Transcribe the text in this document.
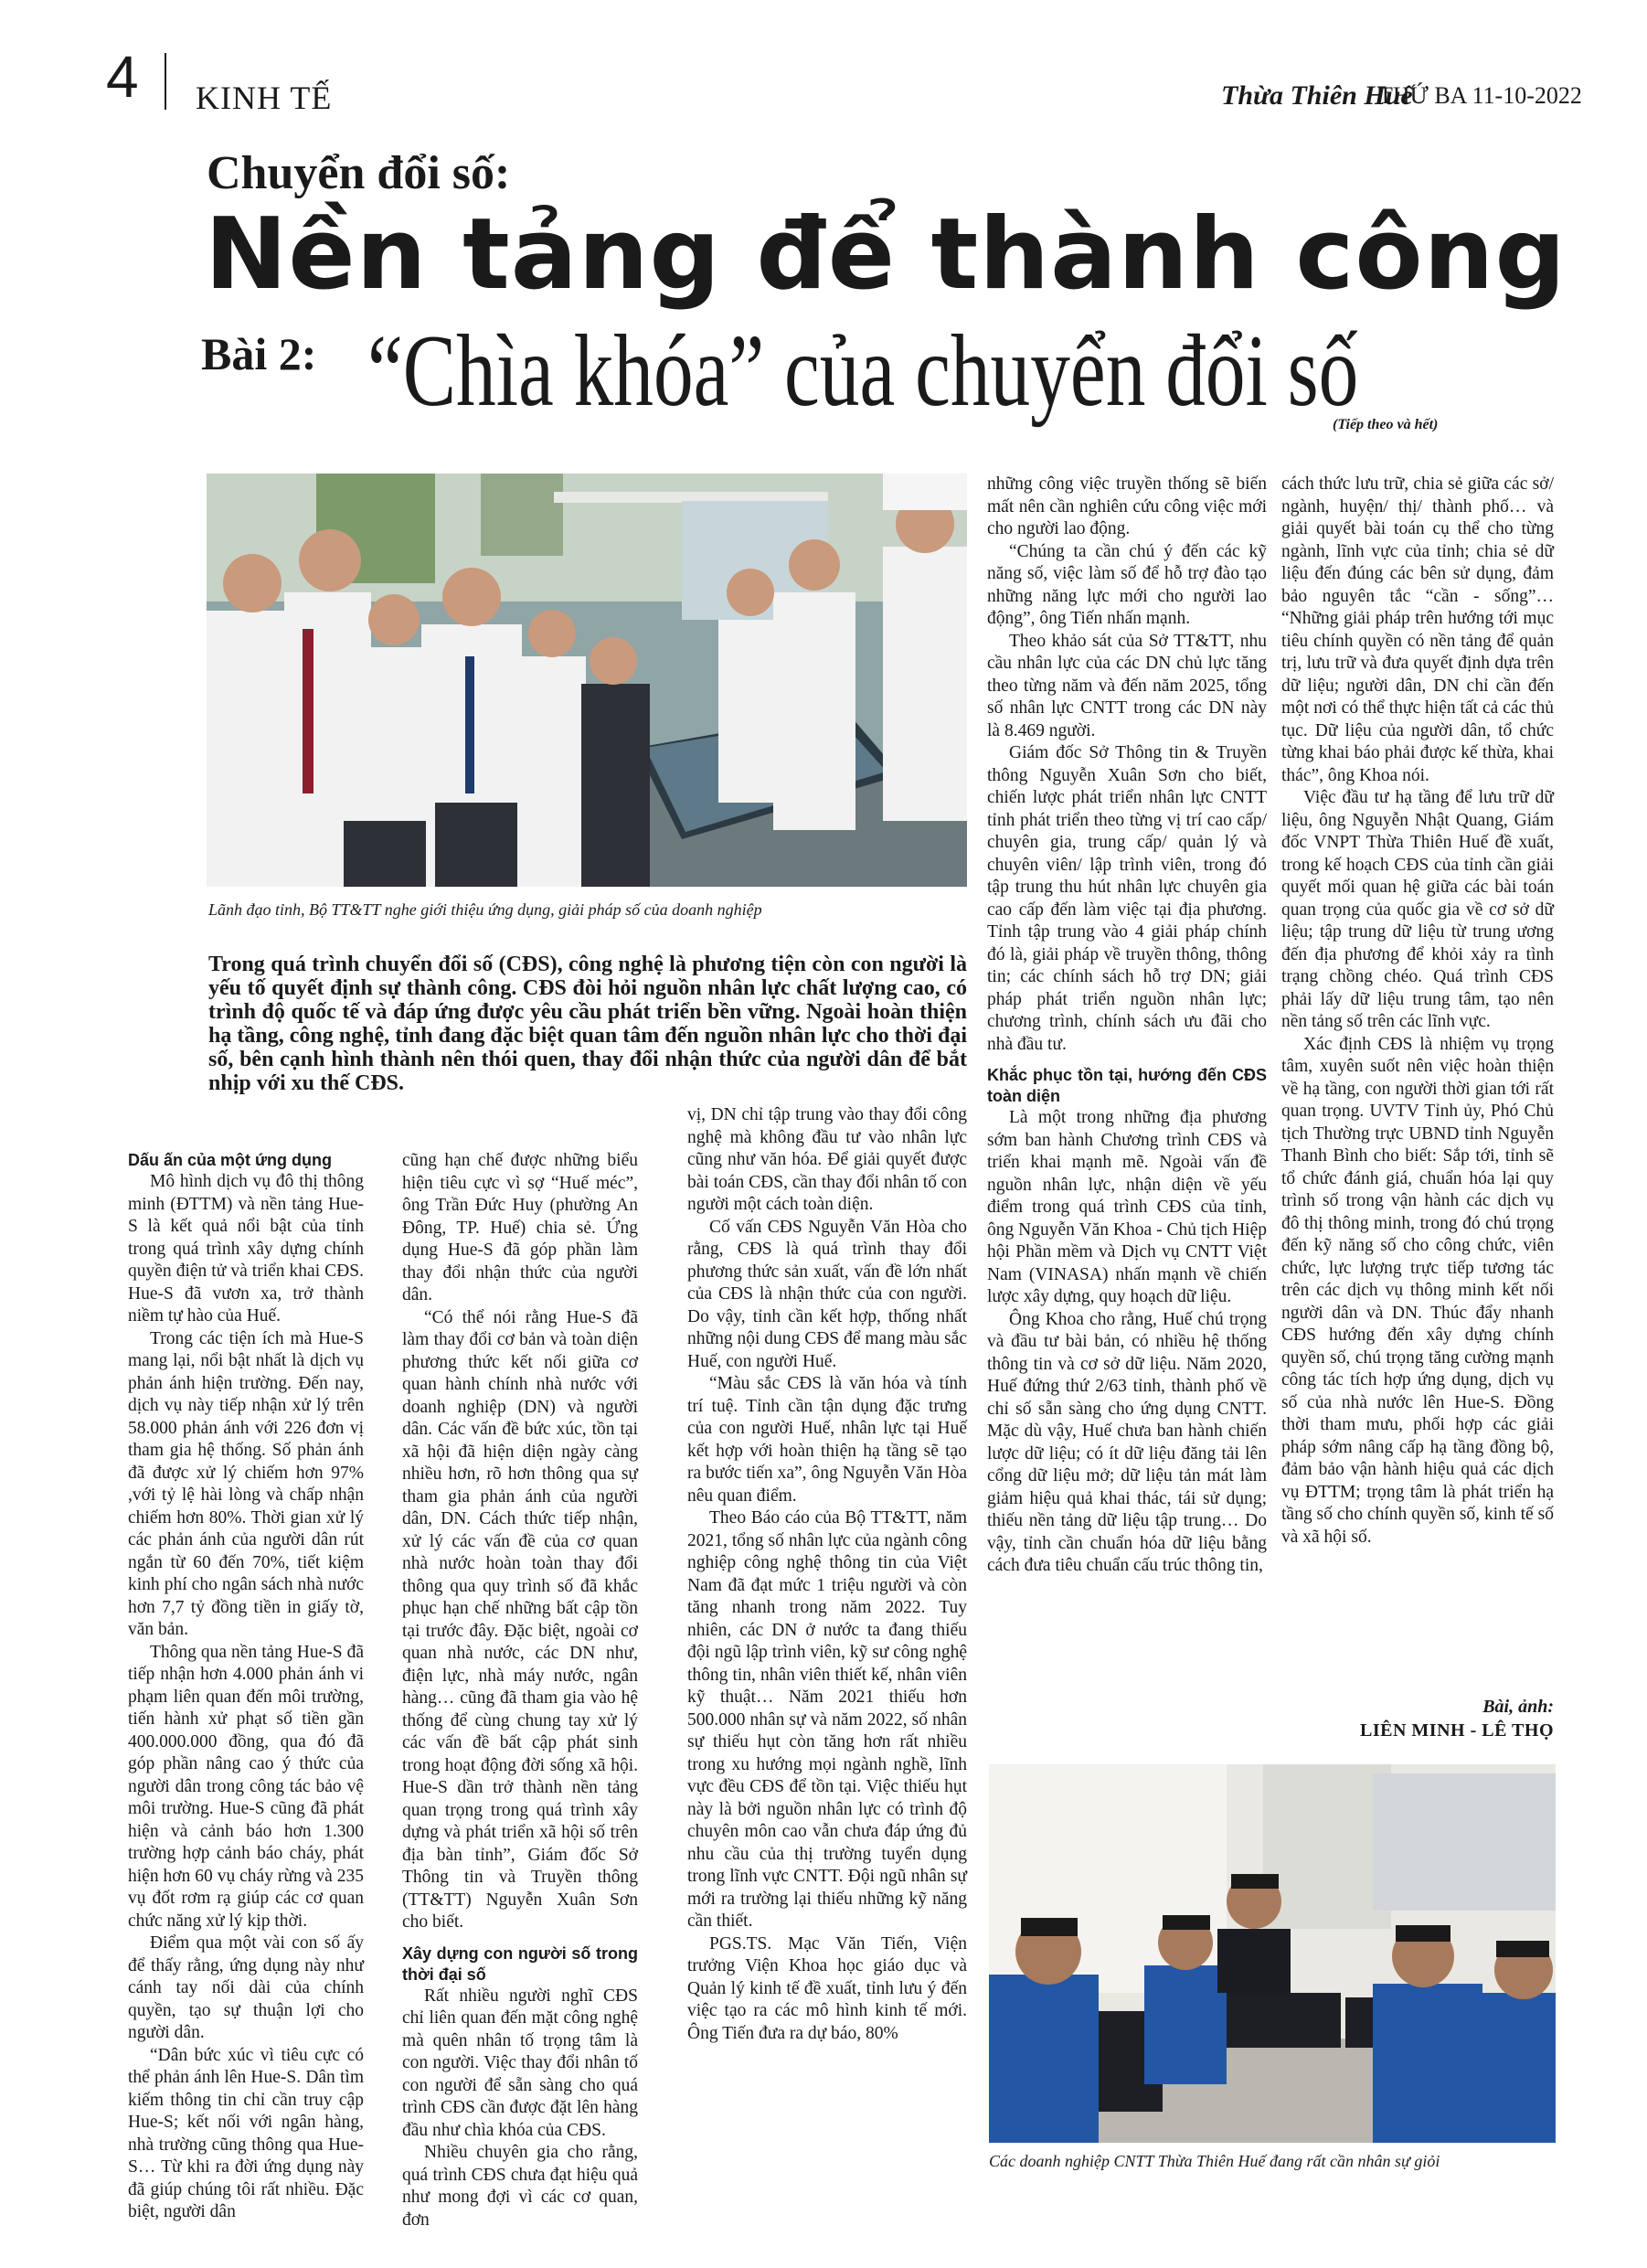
4 KINH TẾ	Thừa Thiên Huế
THỨ BA 11-10-2022
Chuyển đổi số:
Nền tảng để thành công
Bài 2: “Chìa khóa” của chuyển đổi số
(Tiếp theo và hết)
Lãnh đạo tỉnh, Bộ TT&TT nghe giới thiệu ứng dụng, giải pháp số của doanh nghiệp
Trong quá trình chuyển đổi số (CĐS), công nghệ là phương tiện còn con người là yếu tố quyết định sự thành công. CĐS đòi hỏi nguồn nhân lực chất lượng cao, có trình độ quốc tế và đáp ứng được yêu cầu phát triển bền vững. Ngoài hoàn thiện hạ tầng, công nghệ, tỉnh đang đặc biệt quan tâm đến nguồn nhân lực cho thời đại số, bên cạnh hình thành nên thói quen, thay đổi nhận thức của người dân để bắt nhịp với xu thế CĐS.

Dấu ấn của một ứng dụng

Mô hình dịch vụ đô thị thông minh (ĐTTM) và nền tảng Hue-S là kết quả nổi bật của tỉnh trong quá trình xây dựng chính quyền điện tử và triển khai CĐS. Hue-S đã vươn xa, trở thành niềm tự hào của Huế.

Trong các tiện ích mà Hue-S mang lại, nổi bật nhất là dịch vụ phản ánh hiện trường. Đến nay, dịch vụ này tiếp nhận xử lý trên 58.000 phản ánh với 226 đơn vị tham gia hệ thống. Số phản ánh đã được xử lý chiếm hơn 97% ,với tỷ lệ hài lòng và chấp nhận chiếm hơn 80%. Thời gian xử lý các phản ánh của người dân rút ngắn từ 60 đến 70%, tiết kiệm kinh phí cho ngân sách nhà nước hơn 7,7 tỷ đồng tiền in giấy tờ, văn bản.

Thông qua nền tảng Hue-S đã tiếp nhận hơn 4.000 phản ánh vi phạm liên quan đến môi trường, tiến hành xử phạt số tiền gần 400.000.000 đồng, qua đó đã góp phần nâng cao ý thức của người dân trong công tác bảo vệ môi trường. Hue-S cũng đã phát hiện và cảnh báo hơn 1.300 trường hợp cảnh báo cháy, phát hiện hơn 60 vụ cháy rừng và 235 vụ đốt rơm rạ giúp các cơ quan chức năng xử lý kịp thời.

Điểm qua một vài con số ấy để thấy rằng, ứng dụng này như cánh tay nối dài của chính quyền, tạo sự thuận lợi cho người dân.

“Dân bức xúc vì tiêu cực có thể phản ánh lên Hue-S. Dân tìm kiếm thông tin chỉ cần truy cập Hue-S; kết nối với ngân hàng, nhà trường cũng thông qua Hue-S… Từ khi ra đời ứng dụng này đã giúp chúng tôi rất nhiều. Đặc biệt, người dân

cũng hạn chế được những biểu hiện tiêu cực vì sợ “Huế méc”, ông Trần Đức Huy (phường An Đông, TP. Huế) chia sẻ. Ứng dụng Hue-S đã góp phần làm thay đổi nhận thức của người dân.

“Có thể nói rằng Hue-S đã làm thay đổi cơ bản và toàn diện phương thức kết nối giữa cơ quan hành chính nhà nước với doanh nghiệp (DN) và người dân. Các vấn đề bức xúc, tồn tại xã hội đã hiện diện ngày càng nhiều hơn, rõ hơn thông qua sự tham gia phản ánh của người dân, DN. Cách thức tiếp nhận, xử lý các vấn đề của cơ quan nhà nước hoàn toàn thay đổi thông qua quy trình số đã khắc phục hạn chế những bất cập tồn tại trước đây. Đặc biệt, ngoài cơ quan nhà nước, các DN như, điện lực, nhà máy nước, ngân hàng… cũng đã tham gia vào hệ thống để cùng chung tay xử lý các vấn đề bất cập phát sinh trong hoạt động đời sống xã hội. Hue-S dần trở thành nền tảng quan trọng trong quá trình xây dựng và phát triển xã hội số trên địa bàn tỉnh”, Giám đốc Sở Thông tin và Truyền thông (TT&TT) Nguyễn Xuân Sơn cho biết.

Xây dựng con người số trong thời đại số

Rất nhiều người nghĩ CĐS chỉ liên quan đến mặt công nghệ mà quên nhân tố trọng tâm là con người. Việc thay đổi nhân tố con người để sẵn sàng cho quá trình CĐS cần được đặt lên hàng đầu như chìa khóa của CĐS.

Nhiều chuyên gia cho rằng, quá trình CĐS chưa đạt hiệu quả như mong đợi vì các cơ quan, đơn

vị, DN chỉ tập trung vào thay đổi công nghệ mà không đầu tư vào nhân lực cũng như văn hóa. Để giải quyết được bài toán CĐS, cần thay đổi nhân tố con người một cách toàn diện.

Cố vấn CĐS Nguyễn Văn Hòa cho rằng, CĐS là quá trình thay đổi phương thức sản xuất, vấn đề lớn nhất của CĐS là nhận thức của con người. Do vậy, tỉnh cần kết hợp, thống nhất những nội dung CĐS để mang màu sắc Huế, con người Huế.

“Màu sắc CĐS là văn hóa và tính trí tuệ. Tỉnh cần tận dụng đặc trưng của con người Huế, nhân lực tại Huế kết hợp với hoàn thiện hạ tầng sẽ tạo ra bước tiến xa”, ông Nguyễn Văn Hòa nêu quan điểm.

Theo Báo cáo của Bộ TT&TT, năm 2021, tổng số nhân lực của ngành công nghiệp công nghệ thông tin của Việt Nam đã đạt mức 1 triệu người và còn tăng nhanh trong năm 2022. Tuy nhiên, các DN ở nước ta đang thiếu đội ngũ lập trình viên, kỹ sư công nghệ thông tin, nhân viên thiết kế, nhân viên kỹ thuật… Năm 2021 thiếu hơn 500.000 nhân sự và năm 2022, số nhân sự thiếu hụt còn tăng hơn rất nhiều trong xu hướng mọi ngành nghề, lĩnh vực đều CĐS để tồn tại. Việc thiếu hụt này là bởi nguồn nhân lực có trình độ chuyên môn cao vẫn chưa đáp ứng đủ nhu cầu của thị trường tuyển dụng trong lĩnh vực CNTT. Đội ngũ nhân sự mới ra trường lại thiếu những kỹ năng cần thiết.

PGS.TS. Mạc Văn Tiến, Viện trưởng Viện Khoa học giáo dục và Quản lý kinh tế đề xuất, tỉnh lưu ý đến việc tạo ra các mô hình kinh tế mới. Ông Tiến đưa ra dự báo, 80%

những công việc truyền thống sẽ biến mất nên cần nghiên cứu công việc mới cho người lao động.

“Chúng ta cần chú ý đến các kỹ năng số, việc làm số để hỗ trợ đào tạo những năng lực mới cho người lao động”, ông Tiến nhấn mạnh.

Theo khảo sát của Sở TT&TT, nhu cầu nhân lực của các DN chủ lực tăng theo từng năm và đến năm 2025, tổng số nhân lực CNTT trong các DN này là 8.469 người.

Giám đốc Sở Thông tin & Truyền thông Nguyễn Xuân Sơn cho biết, chiến lược phát triển nhân lực CNTT tỉnh phát triển theo từng vị trí cao cấp/ chuyên gia, trung cấp/ quản lý và chuyên viên/ lập trình viên, trong đó tập trung thu hút nhân lực chuyên gia cao cấp đến làm việc tại địa phương. Tỉnh tập trung vào 4 giải pháp chính đó là, giải pháp về truyền thông, thông tin; các chính sách hỗ trợ DN; giải pháp phát triển nguồn nhân lực; chương trình, chính sách ưu đãi cho nhà đầu tư.

Khắc phục tồn tại, hướng đến CĐS toàn diện

Là một trong những địa phương sớm ban hành Chương trình CĐS và triển khai mạnh mẽ. Ngoài vấn đề nguồn nhân lực, nhận diện về yếu điểm trong quá trình CĐS của tỉnh, ông Nguyễn Văn Khoa - Chủ tịch Hiệp hội Phần mềm và Dịch vụ CNTT Việt Nam (VINASA) nhấn mạnh về chiến lược xây dựng, quy hoạch dữ liệu.

Ông Khoa cho rằng, Huế chú trọng và đầu tư bài bản, có nhiều hệ thống thông tin và cơ sở dữ liệu. Năm 2020, Huế đứng thứ 2/63 tỉnh, thành phố về chỉ số sẵn sàng cho ứng dụng CNTT. Mặc dù vậy, Huế chưa ban hành chiến lược dữ liệu; có ít dữ liệu đăng tải lên cổng dữ liệu mở; dữ liệu tản mát làm giảm hiệu quả khai thác, tái sử dụng; thiếu nền tảng dữ liệu tập trung… Do vậy, tỉnh cần chuẩn hóa dữ liệu bằng cách đưa tiêu chuẩn cấu trúc thông tin,

cách thức lưu trữ, chia sẻ giữa các sở/ ngành, huyện/ thị/ thành phố… và giải quyết bài toán cụ thể cho từng ngành, lĩnh vực của tỉnh; chia sẻ dữ liệu đến đúng các bên sử dụng, đảm bảo nguyên tắc “cần - sống”… “Những giải pháp trên hướng tới mục tiêu chính quyền có nền tảng để quản trị, lưu trữ và đưa quyết định dựa trên dữ liệu; người dân, DN chỉ cần đến một nơi có thể thực hiện tất cả các thủ tục. Dữ liệu của người dân, tổ chức từng khai báo phải được kế thừa, khai thác”, ông Khoa nói.

Việc đầu tư hạ tầng để lưu trữ dữ liệu, ông Nguyễn Nhật Quang, Giám đốc VNPT Thừa Thiên Huế đề xuất, trong kế hoạch CĐS của tỉnh cần giải quyết mối quan hệ giữa các bài toán quan trọng của quốc gia về cơ sở dữ liệu; tập trung dữ liệu từ trung ương đến địa phương để khỏi xảy ra tình trạng chồng chéo. Quá trình CĐS phải lấy dữ liệu trung tâm, tạo nên nền tảng số trên các lĩnh vực.

Xác định CĐS là nhiệm vụ trọng tâm, xuyên suốt nên việc hoàn thiện về hạ tầng, con người thời gian tới rất quan trọng. UVTV Tỉnh ủy, Phó Chủ tịch Thường trực UBND tỉnh Nguyễn Thanh Bình cho biết: Sắp tới, tỉnh sẽ tổ chức đánh giá, chuẩn hóa lại quy trình số trong vận hành các dịch vụ đô thị thông minh, trong đó chú trọng đến kỹ năng số cho công chức, viên chức, lực lượng trực tiếp tương tác trên các dịch vụ thông minh kết nối người dân và DN. Thúc đẩy nhanh CĐS hướng đến xây dựng chính quyền số, chú trọng tăng cường mạnh công tác tích hợp ứng dụng, dịch vụ số của nhà nước lên Hue-S. Đồng thời tham mưu, phối hợp các giải pháp sớm nâng cấp hạ tầng đồng bộ, đảm bảo vận hành hiệu quả các dịch vụ ĐTTM; trọng tâm là phát triển hạ tầng số cho chính quyền số, kinh tế số và xã hội số.

Bài, ảnh:
LIÊN MINH - LÊ THỌ
Các doanh nghiệp CNTT Thừa Thiên Huế đang rất cần nhân sự giỏi
